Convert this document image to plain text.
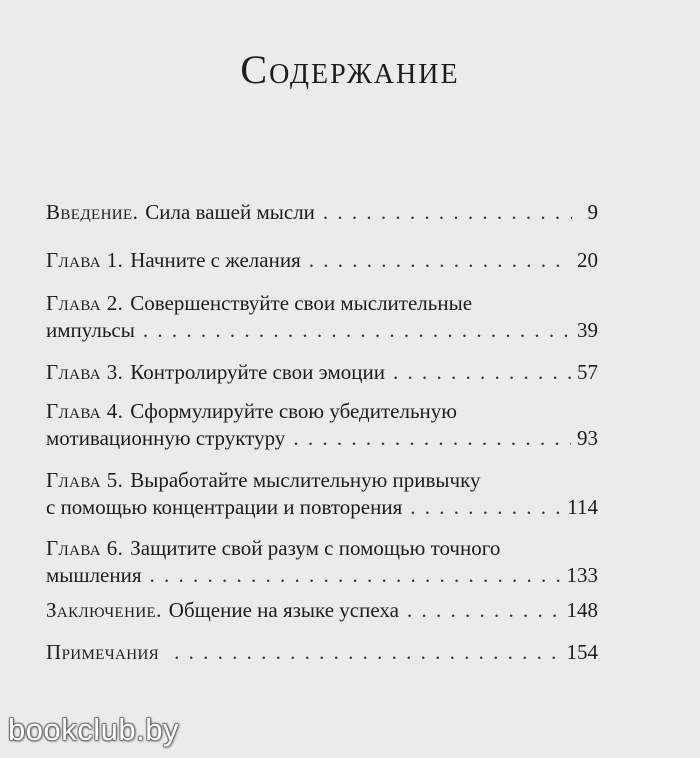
Содержание
Введение. Сила вашей мысли . . .	9
Глава 1. Начните с желания . . .	20
Глава 2. Совершенствуйте свои мыслительные
импульсы . . .	39
Глава 3. Контролируйте свои эмоции . . .	57
Глава 4. Сформулируйте свою убедительную
мотивационную структуру . . .	93
Глава 5. Выработайте мыслительную привычку
с помощью концентрации и повторения . . .	114
Глава 6. Защитите свой разум с помощью точного
мышления . . .	133
Заключение. Общение на языке успеха . . .	148
Примечания . . .	154
bookclub.by
